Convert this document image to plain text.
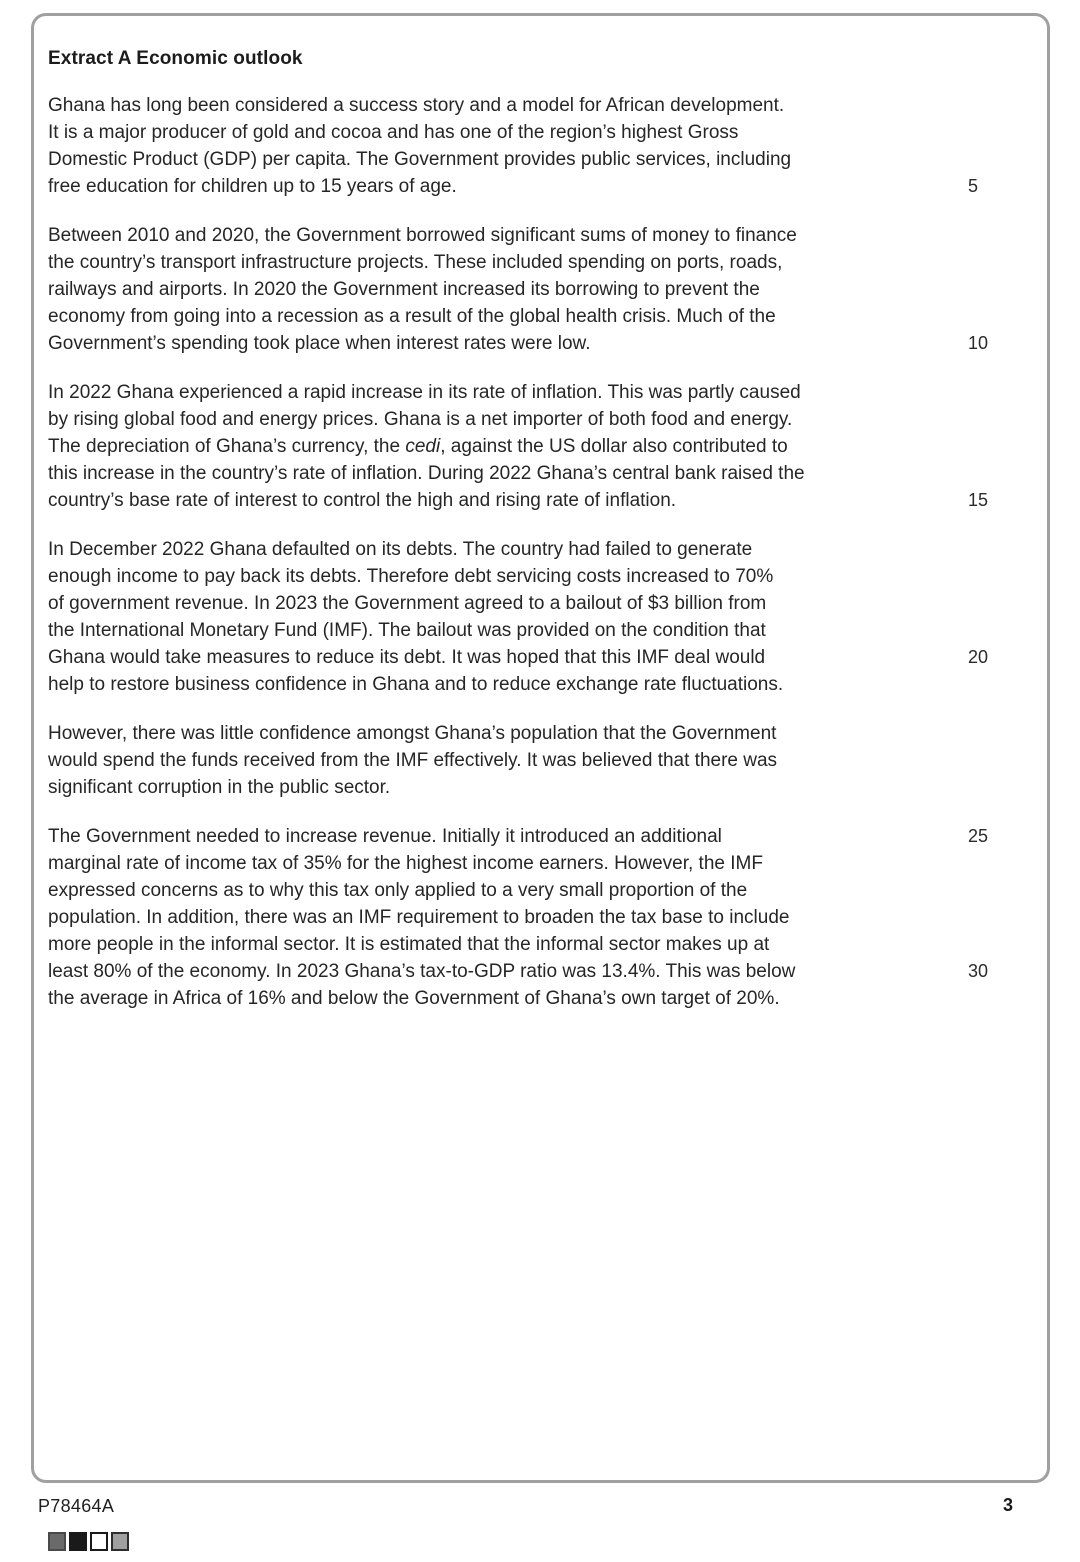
Extract A Economic outlook
Ghana has long been considered a success story and a model for African development.
It is a major producer of gold and cocoa and has one of the region’s highest Gross
Domestic Product (GDP) per capita. The Government provides public services, including
free education for children up to 15 years of age.	5
Between 2010 and 2020, the Government borrowed significant sums of money to finance
the country’s transport infrastructure projects. These included spending on ports, roads,
railways and airports. In 2020 the Government increased its borrowing to prevent the
economy from going into a recession as a result of the global health crisis. Much of the
Government’s spending took place when interest rates were low.	10
In 2022 Ghana experienced a rapid increase in its rate of inflation. This was partly caused
by rising global food and energy prices. Ghana is a net importer of both food and energy.
The depreciation of Ghana’s currency, the cedi, against the US dollar also contributed to
this increase in the country’s rate of inflation. During 2022 Ghana’s central bank raised the
country’s base rate of interest to control the high and rising rate of inflation.	15
In December 2022 Ghana defaulted on its debts. The country had failed to generate
enough income to pay back its debts. Therefore debt servicing costs increased to 70%
of government revenue. In 2023 the Government agreed to a bailout of $3 billion from
the International Monetary Fund (IMF). The bailout was provided on the condition that
Ghana would take measures to reduce its debt. It was hoped that this IMF deal would	20
help to restore business confidence in Ghana and to reduce exchange rate fluctuations.
However, there was little confidence amongst Ghana’s population that the Government
would spend the funds received from the IMF effectively. It was believed that there was
significant corruption in the public sector.
The Government needed to increase revenue. Initially it introduced an additional	25
marginal rate of income tax of 35% for the highest income earners. However, the IMF
expressed concerns as to why this tax only applied to a very small proportion of the
population. In addition, there was an IMF requirement to broaden the tax base to include
more people in the informal sector. It is estimated that the informal sector makes up at
least 80% of the economy. In 2023 Ghana’s tax-to-GDP ratio was 13.4%. This was below	30
the average in Africa of 16% and below the Government of Ghana’s own target of 20%.
P78464A	3
